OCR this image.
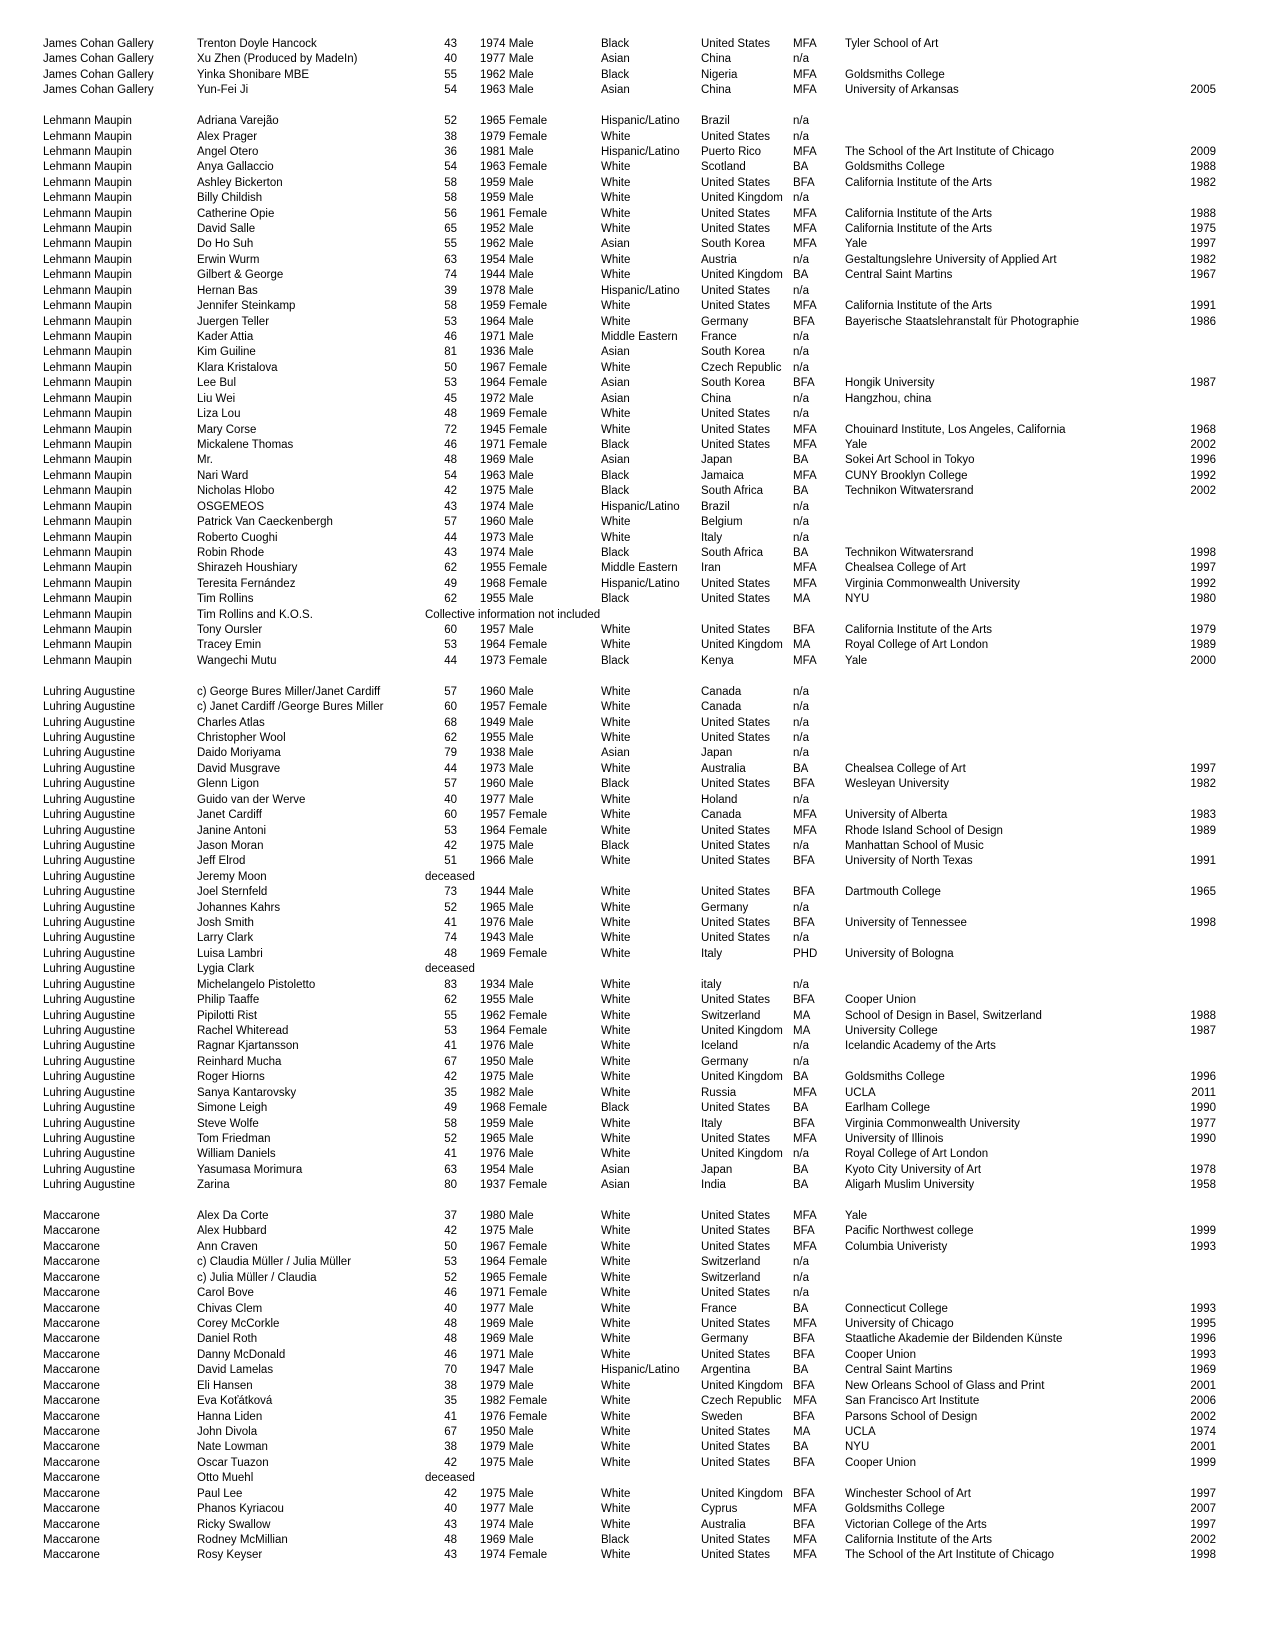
James Cohan Gallery	Trenton Doyle Hancock	43 1974 Male	Black	United States	MFA	Tyler School of Art
James Cohan Gallery	Xu Zhen (Produced by MadeIn)	40 1977 Male	Asian	China	n/a
James Cohan Gallery	Yinka Shonibare MBE	55 1962 Male	Black	Nigeria	MFA	Goldsmiths College
James Cohan Gallery	Yun-Fei Ji	54 1963 Male	Asian	China	MFA	University of Arkansas	2005
Lehmann Maupin	Adriana Varejão	52 1965 Female	Hispanic/Latino	Brazil	n/a
Lehmann Maupin	Alex Prager	38 1979 Female	White	United States	n/a
Lehmann Maupin	Angel Otero	36 1981 Male	Hispanic/Latino	Puerto Rico	MFA	The School of the Art Institute of Chicago	2009
Lehmann Maupin	Anya Gallaccio	54 1963 Female	White	Scotland	BA	Goldsmiths College	1988
Lehmann Maupin	Ashley Bickerton	58 1959 Male	White	United States	BFA	California Institute of the Arts	1982
Lehmann Maupin	Billy Childish	58 1959 Male	White	United Kingdom n/a
Lehmann Maupin	Catherine Opie	56 1961 Female	White	United States	MFA	California Institute of the Arts	1988
Lehmann Maupin	David Salle	65 1952 Male	White	United States	MFA	California Institute of the Arts	1975
Lehmann Maupin	Do Ho Suh	55 1962 Male	Asian	South Korea	MFA	Yale	1997
Lehmann Maupin	Erwin Wurm	63 1954 Male	White	Austria	n/a	Gestaltungslehre University of Applied Art	1982
Lehmann Maupin	Gilbert & George	74 1944 Male	White	United Kingdom BA	Central Saint Martins	1967
Lehmann Maupin	Hernan Bas	39 1978 Male	Hispanic/Latino	United States	n/a
Lehmann Maupin	Jennifer Steinkamp	58 1959 Female	White	United States	MFA	California Institute of the Arts	1991
Lehmann Maupin	Juergen Teller	53 1964 Male	White	Germany	BFA	Bayerische Staatslehranstalt für Photographie	1986
Lehmann Maupin	Kader Attia	46 1971 Male	Middle Eastern	France	n/a
Lehmann Maupin	Kim Guiline	81 1936 Male	Asian	South Korea	n/a
Lehmann Maupin	Klara Kristalova	50 1967 Female	White	Czech Republic n/a
Lehmann Maupin	Lee Bul	53 1964 Female	Asian	South Korea	BFA	Hongik University	1987
Lehmann Maupin	Liu Wei	45 1972 Male	Asian	China	n/a	Hangzhou, china
Lehmann Maupin	Liza Lou	48 1969 Female	White	United States	n/a
Lehmann Maupin	Mary Corse	72 1945 Female	White	United States	MFA	Chouinard Institute, Los Angeles, California	1968
Lehmann Maupin	Mickalene Thomas	46 1971 Female	Black	United States	MFA	Yale	2002
Lehmann Maupin	Mr.	48 1969 Male	Asian	Japan	BA	Sokei Art School in Tokyo	1996
Lehmann Maupin	Nari Ward	54 1963 Male	Black	Jamaica	MFA	CUNY Brooklyn College	1992
Lehmann Maupin	Nicholas Hlobo	42 1975 Male	Black	South Africa	BA	Technikon Witwatersrand	2002
Lehmann Maupin	OSGEMEOS	43 1974 Male	Hispanic/Latino	Brazil	n/a
Lehmann Maupin	Patrick Van Caeckenbergh	57 1960 Male	White	Belgium	n/a
Lehmann Maupin	Roberto Cuoghi	44 1973 Male	White	Italy	n/a
Lehmann Maupin	Robin Rhode	43 1974 Male	Black	South Africa	BA	Technikon Witwatersrand	1998
Lehmann Maupin	Shirazeh Houshiary	62 1955 Female	Middle Eastern	Iran	MFA	Chealsea College of Art	1997
Lehmann Maupin	Teresita Fernández	49 1968 Female	Hispanic/Latino	United States	MFA	Virginia Commonwealth University	1992
Lehmann Maupin	Tim Rollins	62 1955 Male	Black	United States	MA	NYU	1980
Lehmann Maupin	Tim Rollins and K.O.S.	Collective information not included
Lehmann Maupin	Tony Oursler	60 1957 Male	White	United States	BFA	California Institute of the Arts	1979
Lehmann Maupin	Tracey Emin	53 1964 Female	White	United Kingdom MA	Royal College of Art London	1989
Lehmann Maupin	Wangechi Mutu	44 1973 Female	Black	Kenya	MFA	Yale	2000
Luhring Augustine	c) George Bures Miller/Janet Cardiff	57 1960 Male	White	Canada	n/a
Luhring Augustine	c) Janet Cardiff /George Bures Miller	60 1957 Female	White	Canada	n/a
Luhring Augustine	Charles Atlas	68 1949 Male	White	United States	n/a
Luhring Augustine	Christopher Wool	62 1955 Male	White	United States	n/a
Luhring Augustine	Daido Moriyama	79 1938 Male	Asian	Japan	n/a
Luhring Augustine	David Musgrave	44 1973 Male	White	Australia	BA	Chealsea College of Art	1997
Luhring Augustine	Glenn Ligon	57 1960 Male	Black	United States	BFA	Wesleyan University	1982
Luhring Augustine	Guido van der Werve	40 1977 Male	White	Holand	n/a
Luhring Augustine	Janet Cardiff	60 1957 Female	White	Canada	MFA	University of Alberta	1983
Luhring Augustine	Janine Antoni	53 1964 Female	White	United States	MFA	Rhode Island School of Design	1989
Luhring Augustine	Jason Moran	42 1975 Male	Black	United States	n/a	Manhattan School of Music
Luhring Augustine	Jeff Elrod	51 1966 Male	White	United States	BFA	University of North Texas	1991
Luhring Augustine	Jeremy Moon	deceased
Luhring Augustine	Joel Sternfeld	73 1944 Male	White	United States	BFA	Dartmouth College	1965
Luhring Augustine	Johannes Kahrs	52 1965 Male	White	Germany	n/a
Luhring Augustine	Josh Smith	41 1976 Male	White	United States	BFA	University of Tennessee	1998
Luhring Augustine	Larry Clark	74 1943 Male	White	United States	n/a
Luhring Augustine	Luisa Lambri	48 1969 Female	White	Italy	PHD	University of Bologna
Luhring Augustine	Lygia Clark	deceased
Luhring Augustine	Michelangelo Pistoletto	83 1934 Male	White	italy	n/a
Luhring Augustine	Philip Taaffe	62 1955 Male	White	United States	BFA	Cooper Union
Luhring Augustine	Pipilotti Rist	55 1962 Female	White	Switzerland	MA	School of Design in Basel, Switzerland	1988
Luhring Augustine	Rachel Whiteread	53 1964 Female	White	United Kingdom MA	University College	1987
Luhring Augustine	Ragnar Kjartansson	41 1976 Male	White	Iceland	n/a	Icelandic Academy of the Arts
Luhring Augustine	Reinhard Mucha	67 1950 Male	White	Germany	n/a
Luhring Augustine	Roger Hiorns	42 1975 Male	White	United Kingdom BA	Goldsmiths College	1996
Luhring Augustine	Sanya Kantarovsky	35 1982 Male	White	Russia	MFA	UCLA	2011
Luhring Augustine	Simone Leigh	49 1968 Female	Black	United States	BA	Earlham College	1990
Luhring Augustine	Steve Wolfe	58 1959 Male	White	Italy	BFA	Virginia Commonwealth University	1977
Luhring Augustine	Tom Friedman	52 1965 Male	White	United States	MFA	University of Illinois	1990
Luhring Augustine	William Daniels	41 1976 Male	White	United Kingdom n/a	Royal College of Art London
Luhring Augustine	Yasumasa Morimura	63 1954 Male	Asian	Japan	BA	Kyoto City University of Art	1978
Luhring Augustine	Zarina	80 1937 Female	Asian	India	BA	Aligarh Muslim University	1958
Maccarone	Alex Da Corte	37 1980 Male	White	United States	MFA	Yale
Maccarone	Alex Hubbard	42 1975 Male	White	United States	BFA	Pacific Northwest college	1999
Maccarone	Ann Craven	50 1967 Female	White	United States	MFA	Columbia Univeristy	1993
Maccarone	c) Claudia Müller / Julia Müller	53 1964 Female	White	Switzerland	n/a
Maccarone	c) Julia Müller / Claudia	52 1965 Female	White	Switzerland	n/a
Maccarone	Carol Bove	46 1971 Female	White	United States	n/a
Maccarone	Chivas Clem	40 1977 Male	White	France	BA	Connecticut College	1993
Maccarone	Corey McCorkle	48 1969 Male	White	United States	MFA	University of Chicago	1995
Maccarone	Daniel Roth	48 1969 Male	White	Germany	BFA	Staatliche Akademie der Bildenden Künste	1996
Maccarone	Danny McDonald	46 1971 Male	White	United States	BFA	Cooper Union	1993
Maccarone	David Lamelas	70 1947 Male	Hispanic/Latino	Argentina	BA	Central Saint Martins	1969
Maccarone	Eli Hansen	38 1979 Male	White	United Kingdom BFA	New Orleans School of Glass and Print	2001
Maccarone	Eva Koťátková	35 1982 Female	White	Czech Republic MFA	San Francisco Art Institute	2006
Maccarone	Hanna Liden	41 1976 Female	White	Sweden	BFA	Parsons School of Design	2002
Maccarone	John Divola	67 1950 Male	White	United States	MA	UCLA	1974
Maccarone	Nate Lowman	38 1979 Male	White	United States	BA	NYU	2001
Maccarone	Oscar Tuazon	42 1975 Male	White	United States	BFA	Cooper Union	1999
Maccarone	Otto Muehl	deceased
Maccarone	Paul Lee	42 1975 Male	White	United Kingdom BFA	Winchester School of Art	1997
Maccarone	Phanos Kyriacou	40 1977 Male	White	Cyprus	MFA	Goldsmiths College	2007
Maccarone	Ricky Swallow	43 1974 Male	White	Australia	BFA	Victorian College of the Arts	1997
Maccarone	Rodney McMillian	48 1969 Male	Black	United States	MFA	California Institute of the Arts	2002
Maccarone	Rosy Keyser	43 1974 Female	White	United States	MFA	The School of the Art Institute of Chicago	1998
